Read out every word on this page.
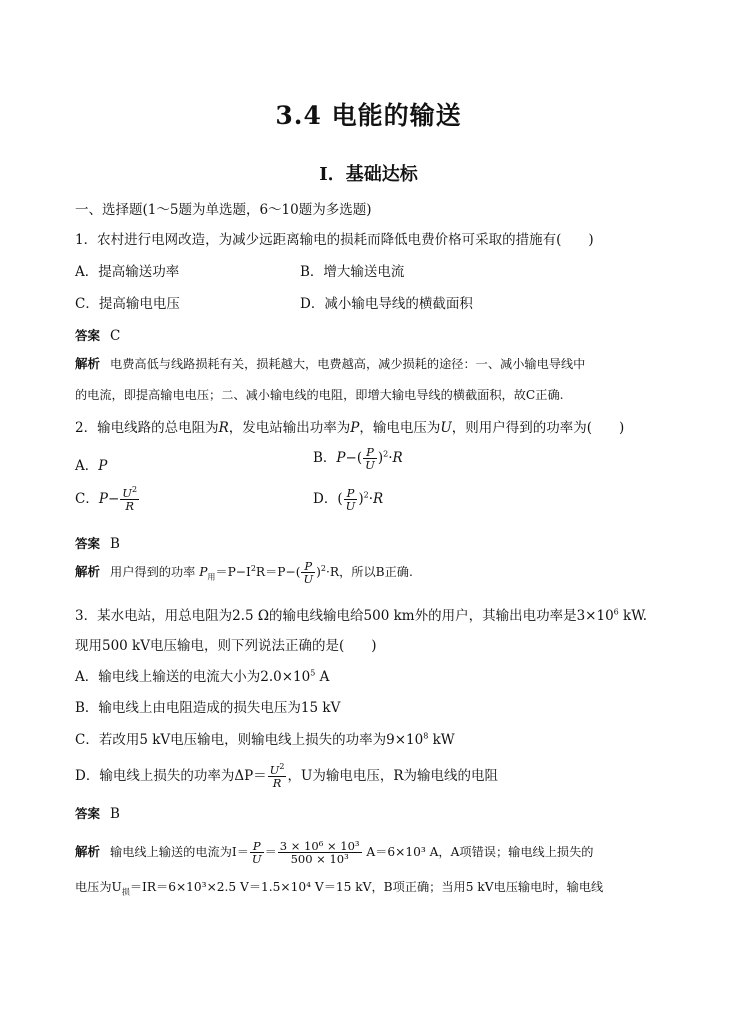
3.4 电能的输送
Ⅰ．基础达标
一、选择题(1～5题为单选题，6～10题为多选题)
1．农村进行电网改造，为减少远距离输电的损耗而降低电费价格可采取的措施有(　　)
A．提高输送功率	B．增大输送电流
C．提高输电电压	D．减小输电导线的横截面积
答案 C
解析 电费高低与线路损耗有关，损耗越大，电费越高，减少损耗的途径：一、减小输电导线中
的电流，即提高输电电压；二、减小输电线的电阻，即增大输电导线的横截面积，故C正确.
2．输电线路的总电阻为R，发电站输出功率为P，输电电压为U，则用户得到的功率为(　　)
A．P	B．$P-( \frac{P}{U} )^2\cdot R$
C．$P- \frac{U^2}{R}$	D．( $\frac{P}{U} )^2\cdot R$
答案 B
解析 用户得到的功率 $P_用=P-I^2R=P-( \frac{P}{U} )^2\cdot R$，所以B正确.
3．某水电站，用总电阻为2.5 Ω的输电线输电给500 km外的用户，其输出电功率是$3\times 10^6$ kW.
现用500 kV电压输电，则下列说法正确的是(　　)
A．输电线上输送的电流大小为$2.0\times 10^5$ A
B．输电线上由电阻造成的损失电压为15 kV
C．若改用5 kV电压输电，则输电线上损失的功率为$9\times 10^8$ kW
D．输电线上损失的功率为$\Delta P= \frac{U^2}{R}$ ，U为输电电压，R为输电线的电阻
答案 B
解析 输电线上输送的电流为$I= \frac{P}{U} = \frac{\text{3 × 10⁶ × 10³}}{\text{500 × 10³}} A=6\times 10^3$ A，A项错误；输电线上损失的
电压为$U_损=IR=6\times 10^3\times 2.5$ V＝1.5×10⁴ V＝15 kV，B项正确；当用5 kV电压输电时，输电线
